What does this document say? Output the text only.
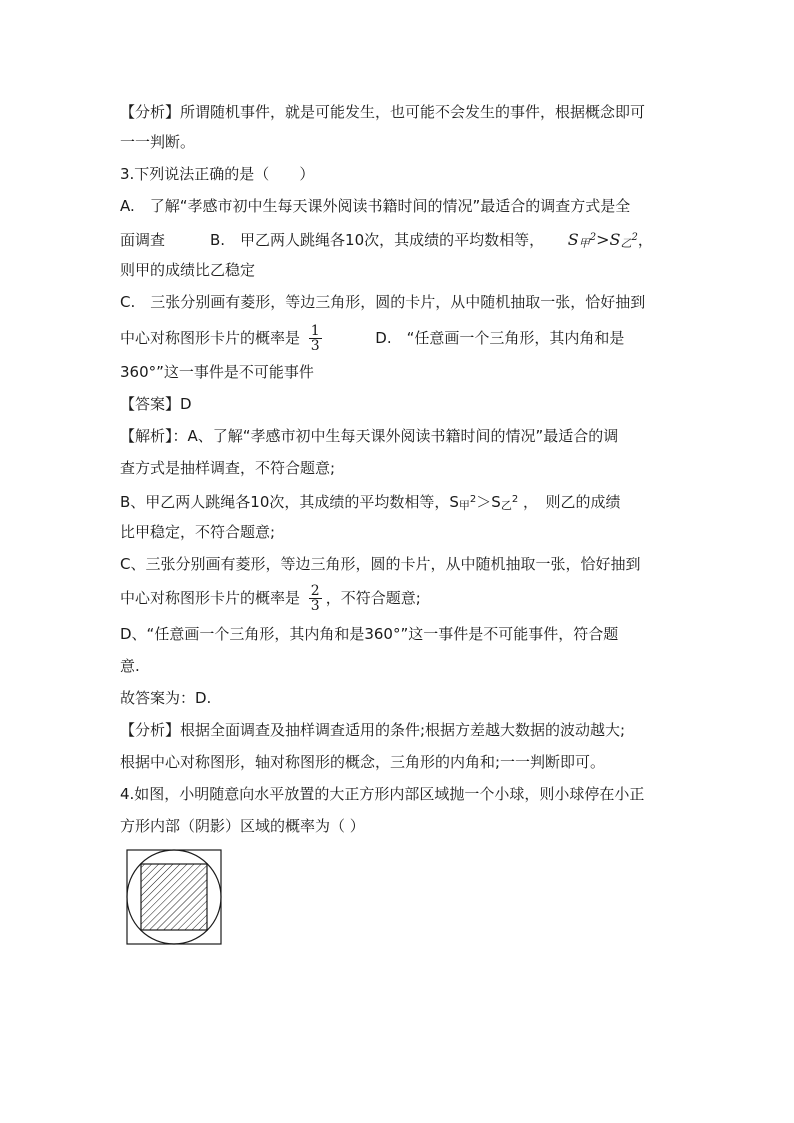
【分析】所谓随机事件，就是可能发生，也可能不会发生的事件，根据概念即可
一一判断。
3.下列说法正确的是（　　）
A.　了解“孝感市初中生每天课外阅读书籍时间的情况”最适合的调查方式是全
面调查　　　B.　甲乙两人跳绳各10次，其成绩的平均数相等， S甲$^2$>S乙$^2$，
则甲的成绩比乙稳定
C.　三张分别画有菱形，等边三角形，圆的卡片，从中随机抽取一张，恰好抽到
中心对称图形卡片的概率是 $\frac{1}{3}$	D.　“任意画一个三角形，其内角和是
360°”这一事件是不可能事件
【答案】D
【解析】：A、了解“孝感市初中生每天课外阅读书籍时间的情况”最适合的调
查方式是抽样调查，不符合题意;
B、甲乙两人跳绳各10次，其成绩的平均数相等，S甲$^2$＞S乙$^2$ ，　则乙的成绩
比甲稳定，不符合题意;
C、三张分别画有菱形，等边三角形，圆的卡片，从中随机抽取一张，恰好抽到
中心对称图形卡片的概率是 $\frac{2}{3}$ ，不符合题意;
D、“任意画一个三角形，其内角和是360°”这一事件是不可能事件，符合题
意.
故答案为：D.
【分析】根据全面调查及抽样调查适用的条件;根据方差越大数据的波动越大;
根据中心对称图形，轴对称图形的概念，三角形的内角和;一一判断即可。
4.如图，小明随意向水平放置的大正方形内部区域抛一个小球，则小球停在小正
方形内部（阴影）区域的概率为（ ）
